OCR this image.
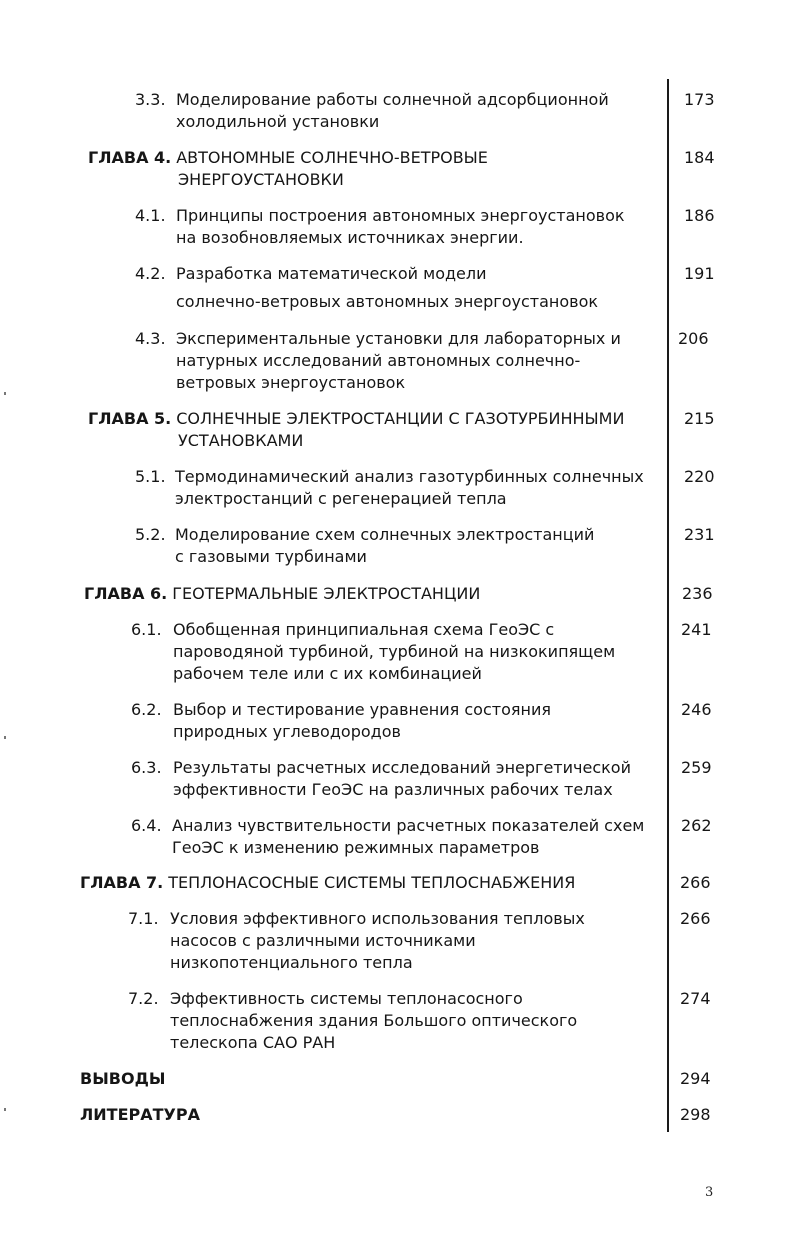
3.3. Моделирование работы солнечной адсорбционной
холодильной установки
173
ГЛАВА 4. АВТОНОМНЫЕ СОЛНЕЧНО-ВЕТРОВЫЕ
ЭНЕРГОУСТАНОВКИ
184
4.1. Принципы построения автономных энергоустановок
на возобновляемых источниках энергии.
186
4.2. Разработка математической модели
солнечно-ветровых автономных энергоустановок
191
4.3. Экспериментальные установки для лабораторных и
натурных исследований автономных солнечно-
ветровых энергоустановок
206
ГЛАВА 5. СОЛНЕЧНЫЕ ЭЛЕКТРОСТАНЦИИ С ГАЗОТУРБИННЫМИ
УСТАНОВКАМИ
215
5.1. Термодинамический анализ газотурбинных солнечных
электростанций с регенерацией тепла
220
5.2. Моделирование схем солнечных электростанций
с газовыми турбинами
231
ГЛАВА 6. ГЕОТЕРМАЛЬНЫЕ ЭЛЕКТРОСТАНЦИИ	236
6.1. Обобщенная принципиальная схема ГеоЭС с
пароводяной турбиной, турбиной на низкокипящем
рабочем теле или с их комбинацией
241
6.2. Выбор и тестирование уравнения состояния
природных углеводородов
246
6.3. Результаты расчетных исследований энергетической
эффективности ГеоЭС на различных рабочих телах
259
6.4. Анализ чувствительности расчетных показателей схем
ГеоЭС к изменению режимных параметров
262
ГЛАВА 7. ТЕПЛОНАСОСНЫЕ СИСТЕМЫ ТЕПЛОСНАБЖЕНИЯ	266
7.1. Условия эффективного использования тепловых
насосов с различными источниками
низкопотенциального тепла
266
7.2. Эффективность системы теплонасосного
теплоснабжения здания Большого оптического
телескопа САО РАН
274
ВЫВОДЫ	294
ЛИТЕРАТУРА	298
3
